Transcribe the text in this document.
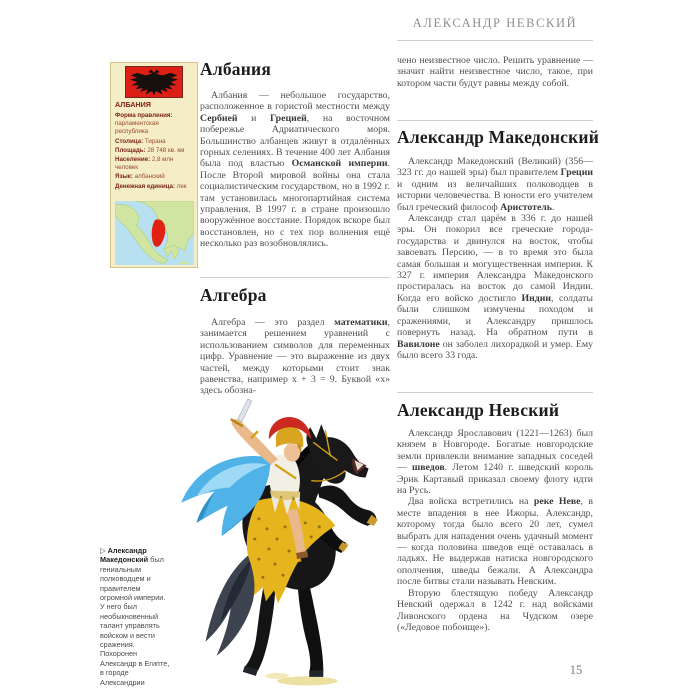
АЛЕКСАНДР НЕВСКИЙ
АЛБАНИЯ

Форма правления: парламентская республика

Столица: Тирана

Площадь: 28 748 кв. км

Население: 2,8 млн человек

Язык: албанский

Денежная единица: лек

Албания

Албания — небольшое государство, расположенное в гористой местности между Сербией и Грецией, на восточном побережье Адриатического моря. Большинство албанцев живут в отдалённых горных селениях. В течение 400 лет Албания была под властью Османской империи. После Второй мировой войны она стала социалистическим государством, но в 1992 г. там установилась многопартийная система управления. В 1997 г. в стране произошло вооружённое восстание. Порядок вскоре был восстановлен, но с тех пор волнения ещё несколько раз возобновлялись.

Алгебра

Алгебра — это раздел математики, занимается решением уравнений с использованием символов для переменных цифр. Уравнение — это выражение из двух частей, между которыми стоит знак равенства, например х + 3 = 9. Буквой «х» здесь обозна-

чено неизвестное число. Решить уравнение — значит найти неизвестное число, такое, при котором части будут равны между собой.

Александр Македонский

Александр Македонский (Великий) (356—323 гг. до нашей эры) был правителем Греции и одним из величайших полководцев в истории человечества. В юности его учителем был греческий философ Аристотель.

Александр стал царём в 336 г. до нашей эры. Он покорил все греческие города-государства и двинулся на восток, чтобы завоевать Персию, — в то время это была самая большая и могущественная империя. К 327 г. империя Александра Македонского простиралась на восток до самой Индии. Когда его войско достигло Индии, солдаты были слишком измучены походом и сражениями, и Александру пришлось повернуть назад. На обратном пути в Вавилоне он заболел лихорадкой и умер. Ему было всего 33 года.

Александр Невский

Александр Ярославович (1221—1263) был князем в Новгороде. Богатые новгородские земли привлекли внимание западных соседей — шведов. Летом 1240 г. шведский король Эрик Картавый приказал своему флоту идти на Русь.

Два войска встретились на реке Неве, в месте впадения в нее Ижоры. Александр, которому тогда было всего 20 лет, сумел выбрать для нападения очень удачный момент — когда половина шведов ещё оставалась в ладьях. Не выдержав натиска новгородского ополчения, шведы бежали. А Александра после битвы стали называть Невским.

Вторую блестящую победу Александр Невский одержал в 1242 г. над войсками Ливонского ордена на Чудском озере («Ледовое побоище»).

▷ Александр Македонский был гениальным полководцем и правителем огромной империи. У него был необыкновенный талант управлять войском и вести сражения. Похоронен Александр в Египте, в городе Александрии

15
